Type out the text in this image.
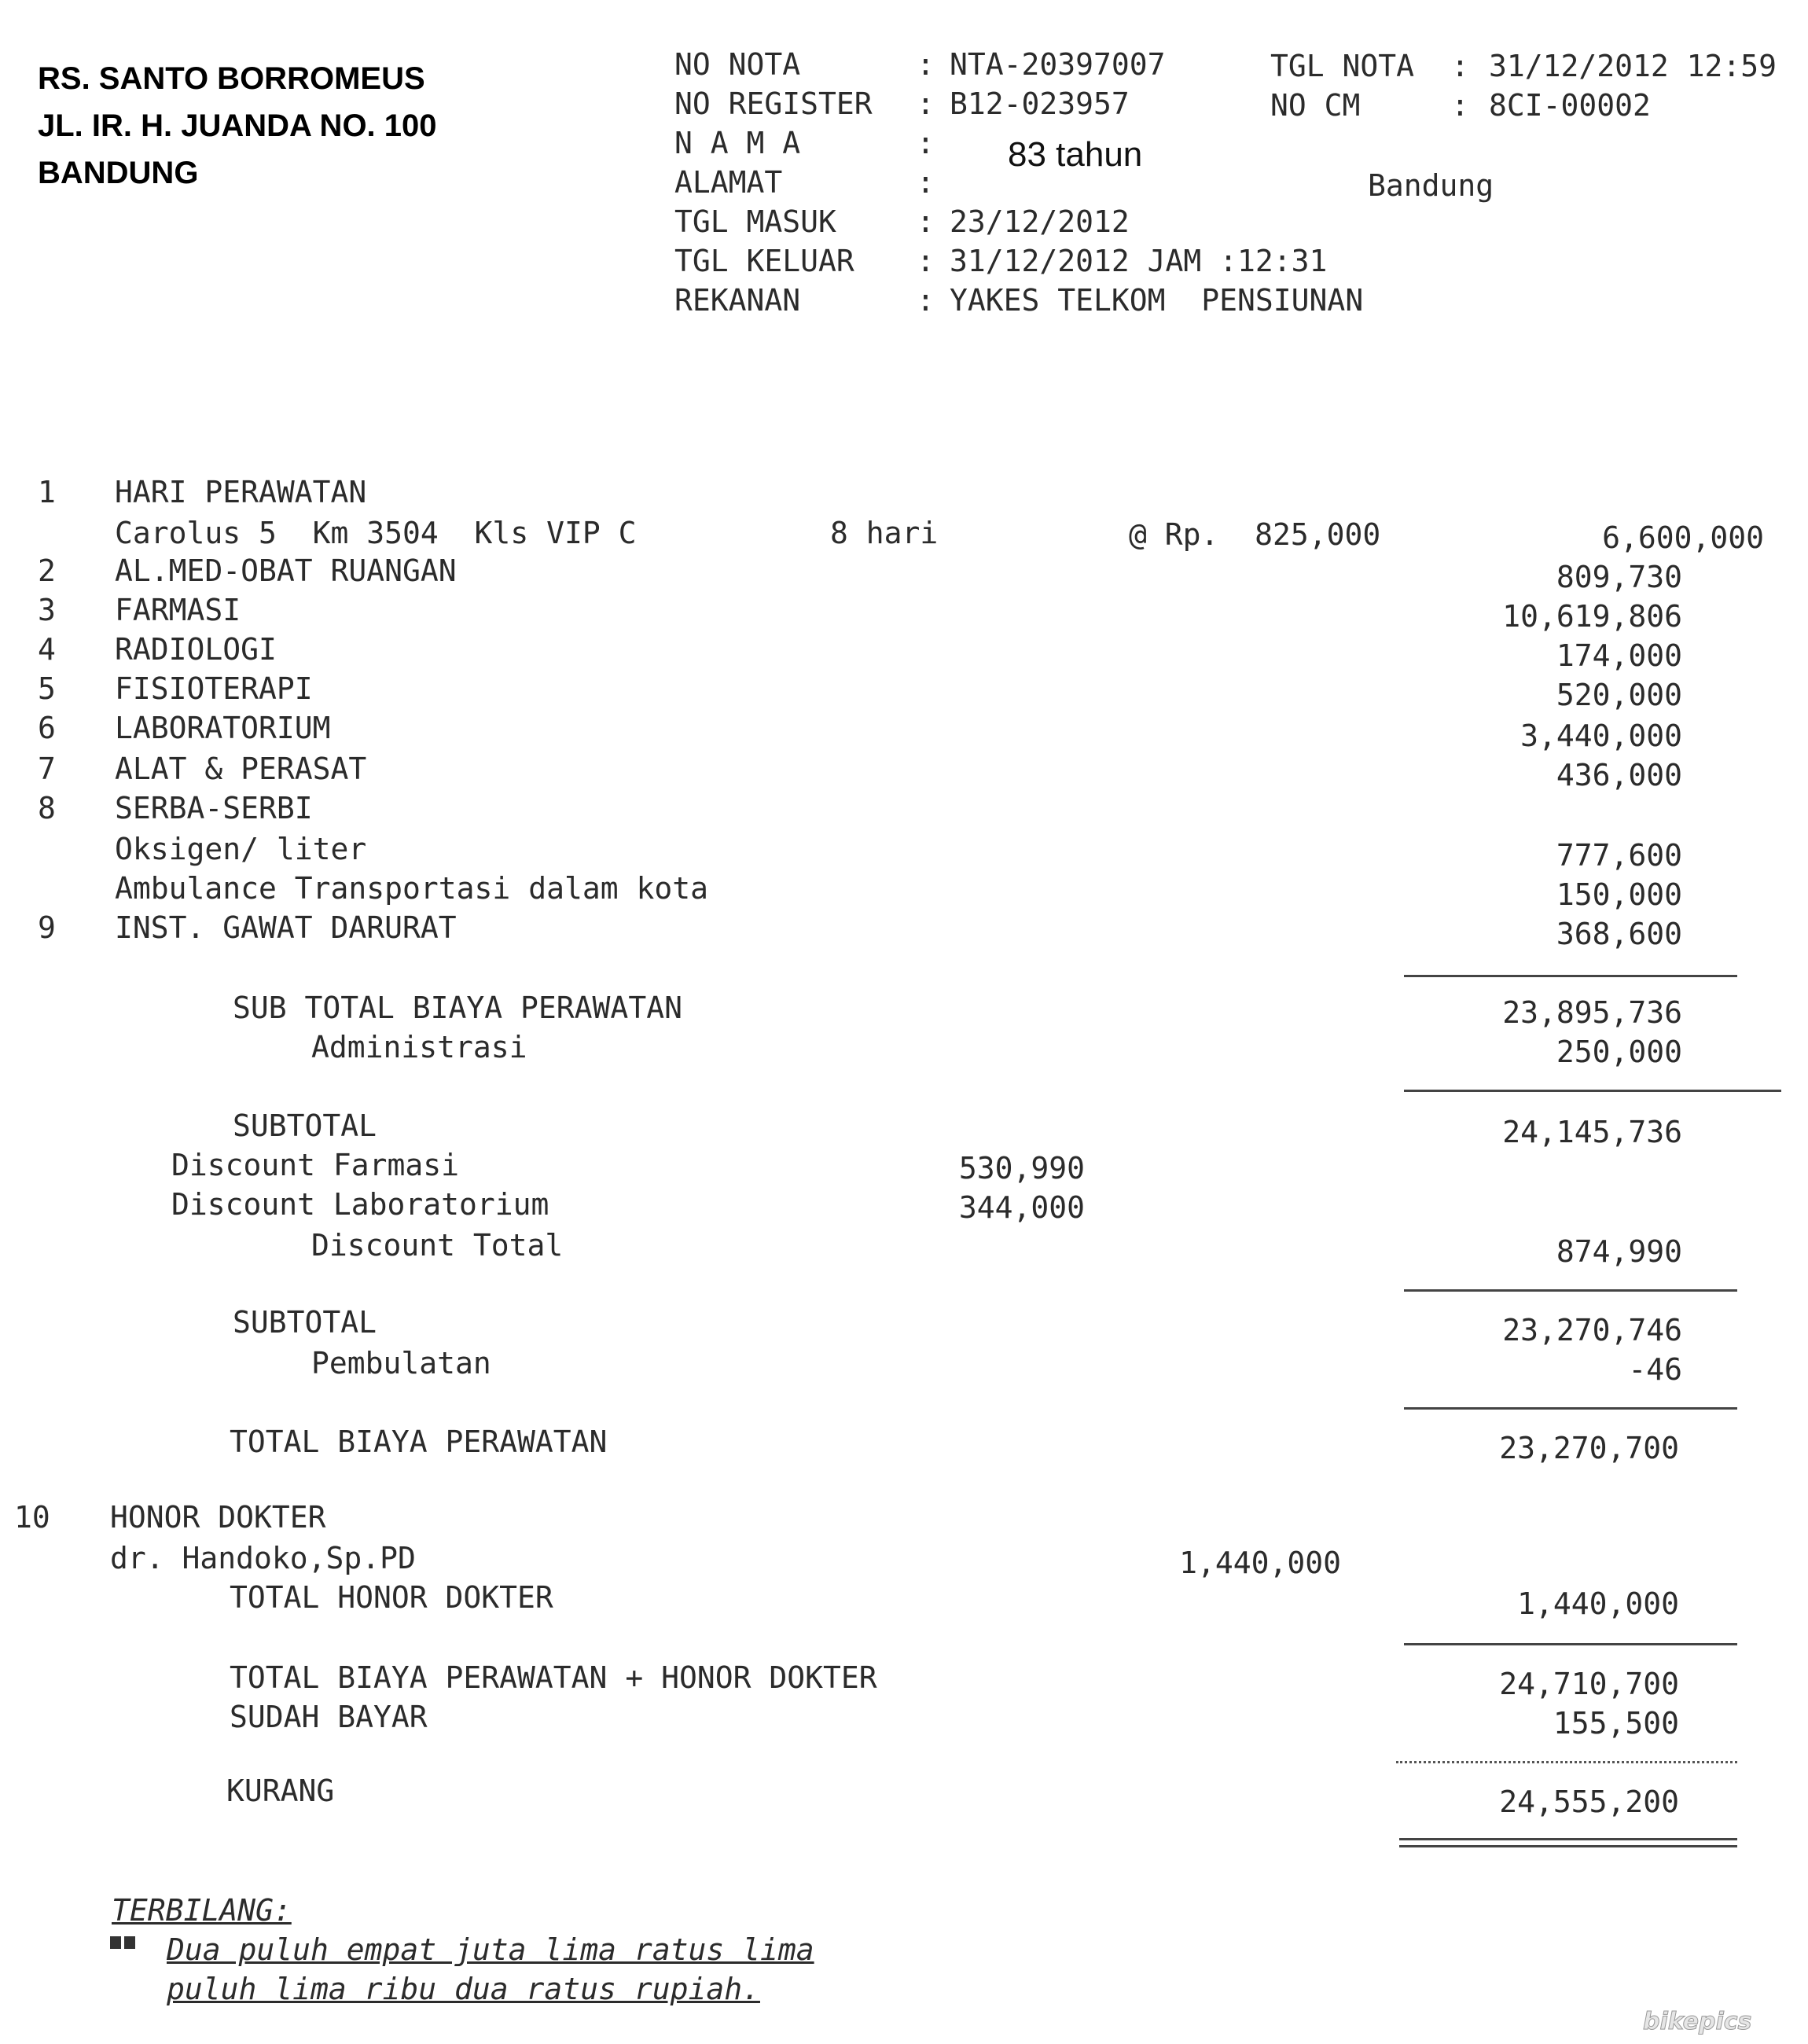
RS. SANTO BORROMEUS
JL. IR. H. JUANDA NO. 100
BANDUNG
NO NOTA	: NTA-20397007	TGL NOTA : 31/12/2012 12:59
NO REGISTER : B12-023957	NO CM	: 8CI-00002
N A M A	: 83 tahun
ALAMAT	:	Bandung
TGL MASUK	: 23/12/2012
TGL KELUAR : 31/12/2012 JAM :12:31
REKANAN	: YAKES TELKOM  PENSIUNAN
1 HARI PERAWATAN
Carolus 5  Km 3504  Kls VIP C	8 hari	@ Rp.  825,000	6,600,000
2 AL.MED-OBAT RUANGAN	809,730
3 FARMASI	10,619,806
4 RADIOLOGI	174,000
5 FISIOTERAPI	520,000
6 LABORATORIUM	3,440,000
7 ALAT & PERASAT	436,000
8 SERBA-SERBI
Oksigen/ liter	777,600
Ambulance Transportasi dalam kota	150,000
9 INST. GAWAT DARURAT	368,600
SUB TOTAL BIAYA PERAWATAN	23,895,736
Administrasi	250,000
SUBTOTAL	24,145,736
Discount Farmasi	530,990
Discount Laboratorium	344,000
Discount Total	874,990
SUBTOTAL	23,270,746
Pembulatan	-46
TOTAL BIAYA PERAWATAN	23,270,700
10 HONOR DOKTER
dr. Handoko,Sp.PD	1,440,000
TOTAL HONOR DOKTER	1,440,000
TOTAL BIAYA PERAWATAN + HONOR DOKTER	24,710,700
SUDAH BAYAR	155,500
KURANG	24,555,200
TERBILANG:
Dua puluh empat juta lima ratus lima
puluh lima ribu dua ratus rupiah.
bikepics
